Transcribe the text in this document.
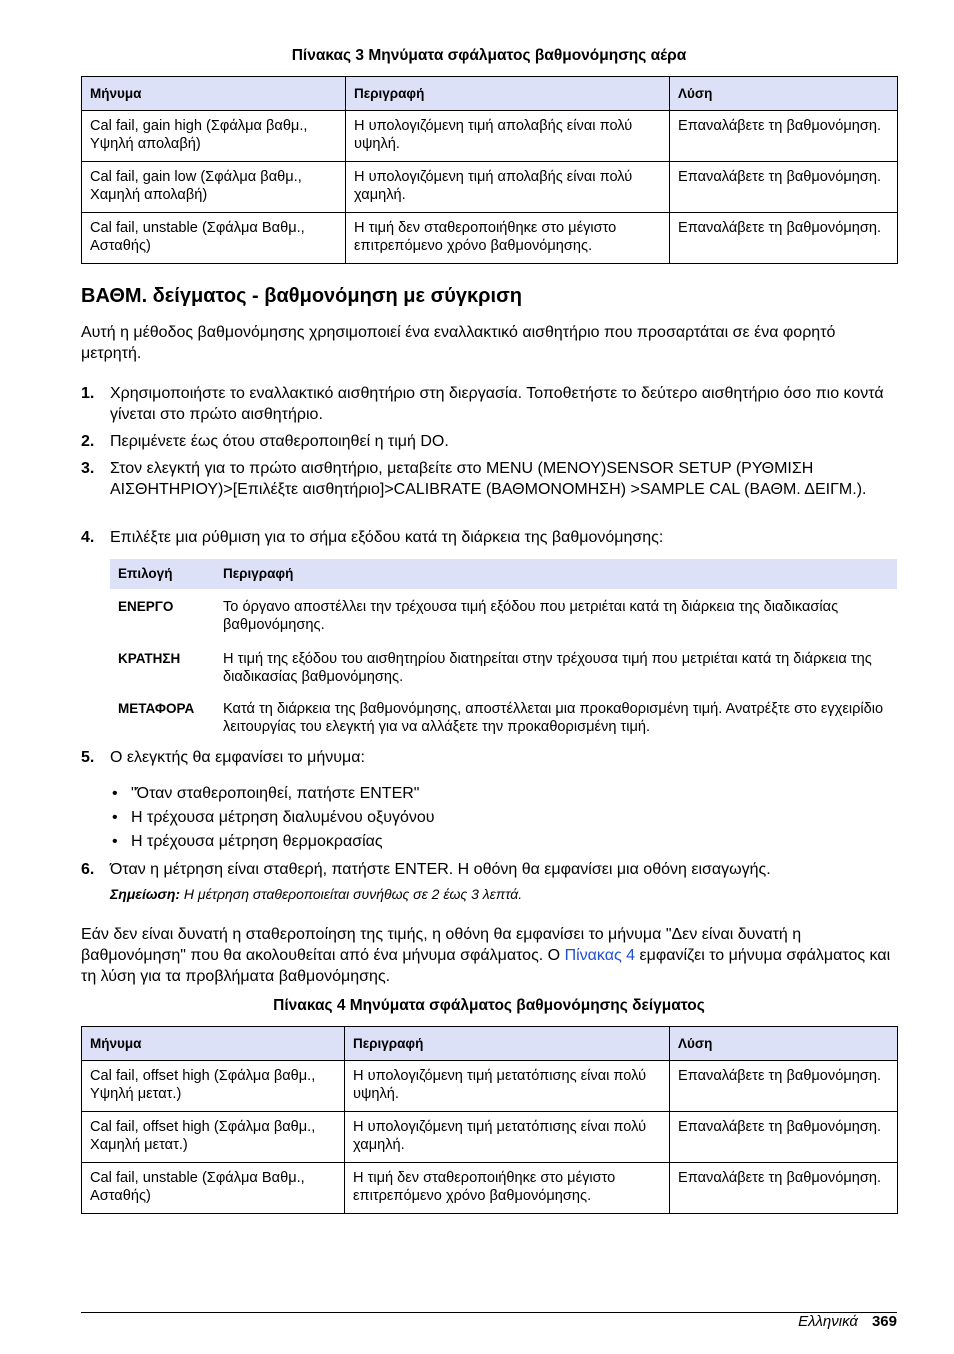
Πίνακας 3 Μηνύματα σφάλματος βαθμονόμησης αέρα
Μήνυμα	Περιγραφή	Λύση
Cal fail, gain high (Σφάλμα βαθμ., Υψηλή απολαβή)	Η υπολογιζόμενη τιμή απολαβής είναι πολύ υψηλή.	Επαναλάβετε τη βαθμονόμηση.
Cal fail, gain low (Σφάλμα βαθμ., Χαμηλή απολαβή)	Η υπολογιζόμενη τιμή απολαβής είναι πολύ χαμηλή.	Επαναλάβετε τη βαθμονόμηση.
Cal fail, unstable (Σφάλμα Βαθμ., Ασταθής)	Η τιμή δεν σταθεροποιήθηκε στο μέγιστο επιτρεπόμενο χρόνο βαθμονόμησης.	Επαναλάβετε τη βαθμονόμηση.
ΒΑΘΜ. δείγματος - βαθμονόμηση με σύγκριση
Αυτή η μέθοδος βαθμονόμησης χρησιμοποιεί ένα εναλλακτικό αισθητήριο που προσαρτάται σε ένα φορητό μετρητή.
1. Χρησιμοποιήστε το εναλλακτικό αισθητήριο στη διεργασία. Τοποθετήστε το δεύτερο αισθητήριο όσο πιο κοντά γίνεται στο πρώτο αισθητήριο.
2. Περιμένετε έως ότου σταθεροποιηθεί η τιμή DO.
3. Στον ελεγκτή για το πρώτο αισθητήριο, μεταβείτε στο MENU (ΜΕΝΟΥ)SENSOR SETUP (ΡΥΘΜΙΣΗ ΑΙΣΘΗΤΗΡΙΟΥ)>[Επιλέξτε αισθητήριο]>CALIBRATE (ΒΑΘΜΟΝΟΜΗΣΗ) >SAMPLE CAL (ΒΑΘΜ. ΔΕΙΓΜ.).
4. Επιλέξτε μια ρύθμιση για το σήμα εξόδου κατά τη διάρκεια της βαθμονόμησης:
Επιλογή	Περιγραφή
ΕΝΕΡΓΟ	Το όργανο αποστέλλει την τρέχουσα τιμή εξόδου που μετριέται κατά τη διάρκεια της διαδικασίας βαθμονόμησης.
ΚΡΑΤΗΣΗ	Η τιμή της εξόδου του αισθητηρίου διατηρείται στην τρέχουσα τιμή που μετριέται κατά τη διάρκεια της διαδικασίας βαθμονόμησης.
ΜΕΤΑΦΟΡΑ	Κατά τη διάρκεια της βαθμονόμησης, αποστέλλεται μια προκαθορισμένη τιμή. Ανατρέξτε στο εγχειρίδιο λειτουργίας του ελεγκτή για να αλλάξετε την προκαθορισμένη τιμή.
5. Ο ελεγκτής θα εμφανίσει το μήνυμα:
• "Όταν σταθεροποιηθεί, πατήστε ENTER"
• Η τρέχουσα μέτρηση διαλυμένου οξυγόνου
• Η τρέχουσα μέτρηση θερμοκρασίας
6. Όταν η μέτρηση είναι σταθερή, πατήστε ENTER. Η οθόνη θα εμφανίσει μια οθόνη εισαγωγής.
Σημείωση: Η μέτρηση σταθεροποιείται συνήθως σε 2 έως 3 λεπτά.
Εάν δεν είναι δυνατή η σταθεροποίηση της τιμής, η οθόνη θα εμφανίσει το μήνυμα "Δεν είναι δυνατή η βαθμονόμηση" που θα ακολουθείται από ένα μήνυμα σφάλματος. Ο Πίνακας 4 εμφανίζει το μήνυμα σφάλματος και τη λύση για τα προβλήματα βαθμονόμησης.
Πίνακας 4 Μηνύματα σφάλματος βαθμονόμησης δείγματος
Μήνυμα	Περιγραφή	Λύση
Cal fail, offset high (Σφάλμα βαθμ., Υψηλή μετατ.)	Η υπολογιζόμενη τιμή μετατόπισης είναι πολύ υψηλή.	Επαναλάβετε τη βαθμονόμηση.
Cal fail, offset high (Σφάλμα βαθμ., Χαμηλή μετατ.)	Η υπολογιζόμενη τιμή μετατόπισης είναι πολύ χαμηλή.	Επαναλάβετε τη βαθμονόμηση.
Cal fail, unstable (Σφάλμα Βαθμ., Ασταθής)	Η τιμή δεν σταθεροποιήθηκε στο μέγιστο επιτρεπόμενο χρόνο βαθμονόμησης.	Επαναλάβετε τη βαθμονόμηση.
Ελληνικά 369
